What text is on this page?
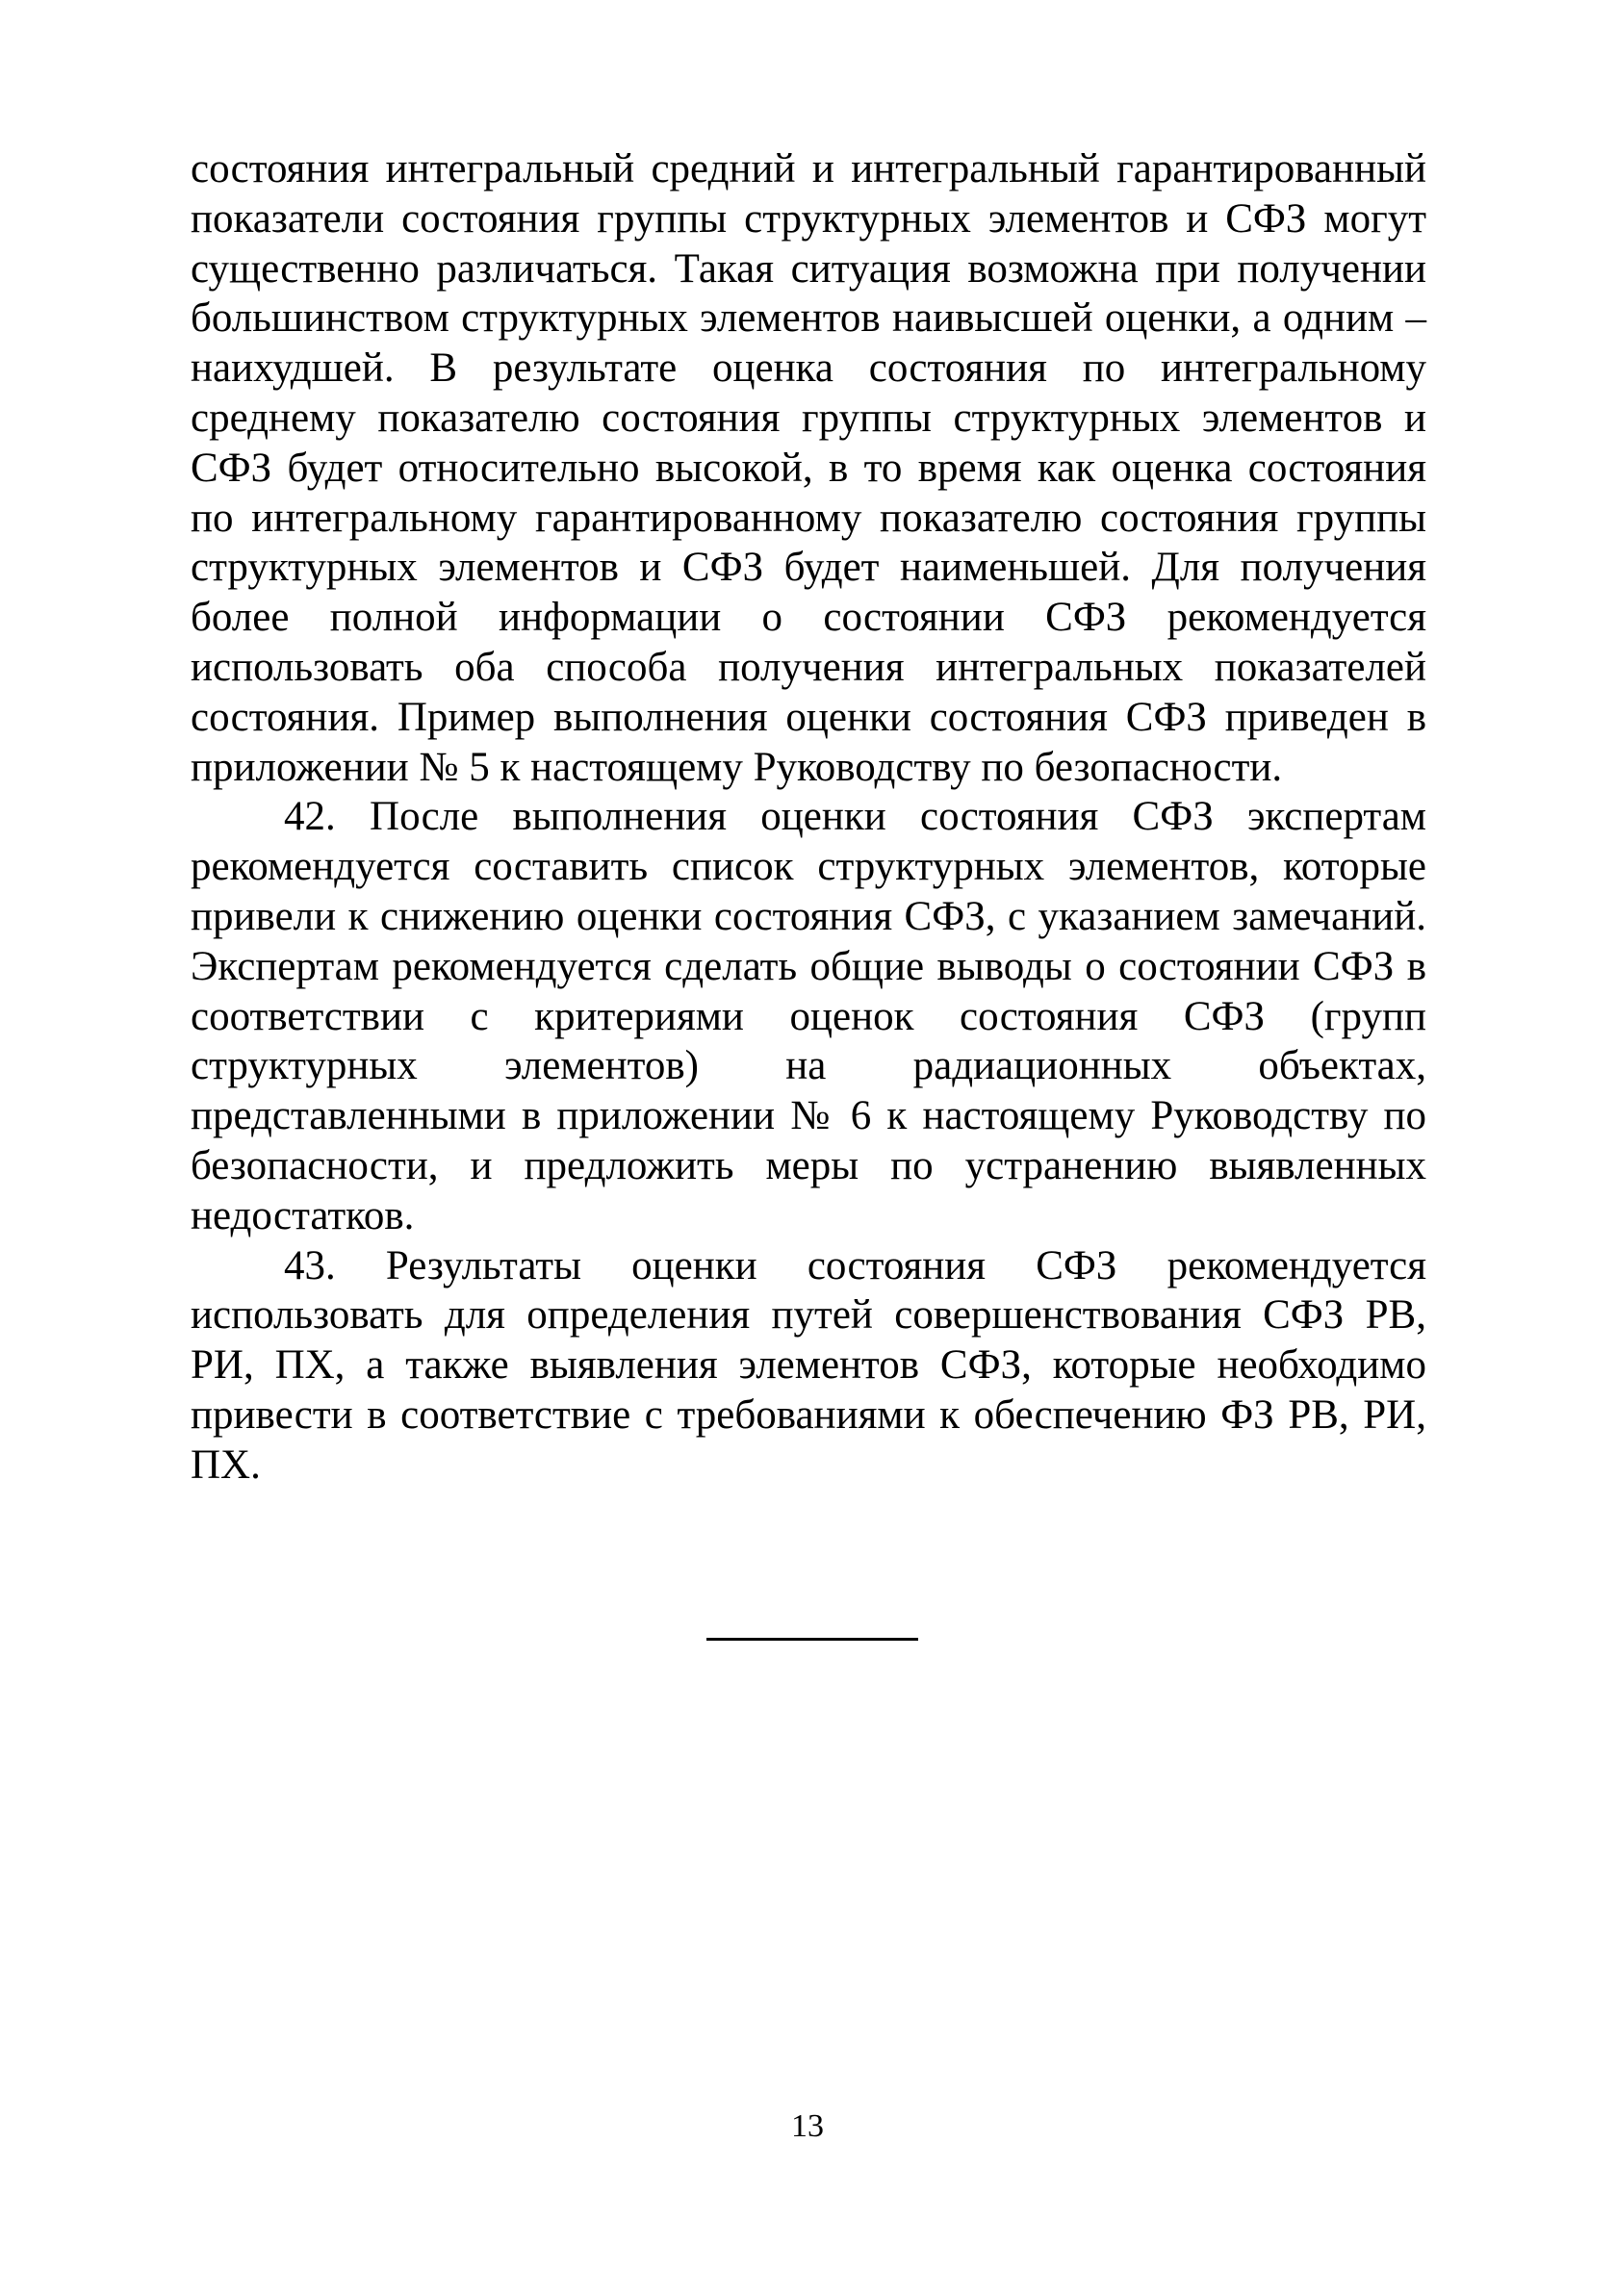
состояния интегральный средний и интегральный гарантированный показатели состояния группы структурных элементов и СФЗ могут существенно различаться. Такая ситуация возможна при получении большинством структурных элементов наивысшей оценки, а одним – наихудшей. В результате оценка состояния по интегральному среднему показателю состояния группы структурных элементов и СФЗ будет относительно высокой, в то время как оценка состояния по интегральному гарантированному показателю состояния группы структурных элементов и СФЗ будет наименьшей. Для получения более полной информации о состоянии СФЗ рекомендуется использовать оба способа получения интегральных показателей состояния. Пример выполнения оценки состояния СФЗ приведен в приложении № 5 к настоящему Руководству по безопасности.

42. После выполнения оценки состояния СФЗ экспертам рекомендуется составить список структурных элементов, которые привели к снижению оценки состояния СФЗ, с указанием замечаний. Экспертам рекомендуется сделать общие выводы о состоянии СФЗ в соответствии с критериями оценок состояния СФЗ (групп структурных элементов) на радиационных объектах, представленными в приложении № 6 к настоящему Руководству по безопасности, и предложить меры по устранению выявленных недостатков.

43. Результаты оценки состояния СФЗ рекомендуется использовать для определения путей совершенствования СФЗ РВ, РИ, ПХ, а также выявления элементов СФЗ, которые необходимо привести в соответствие с требованиями к обеспечению ФЗ РВ, РИ, ПХ.

13
